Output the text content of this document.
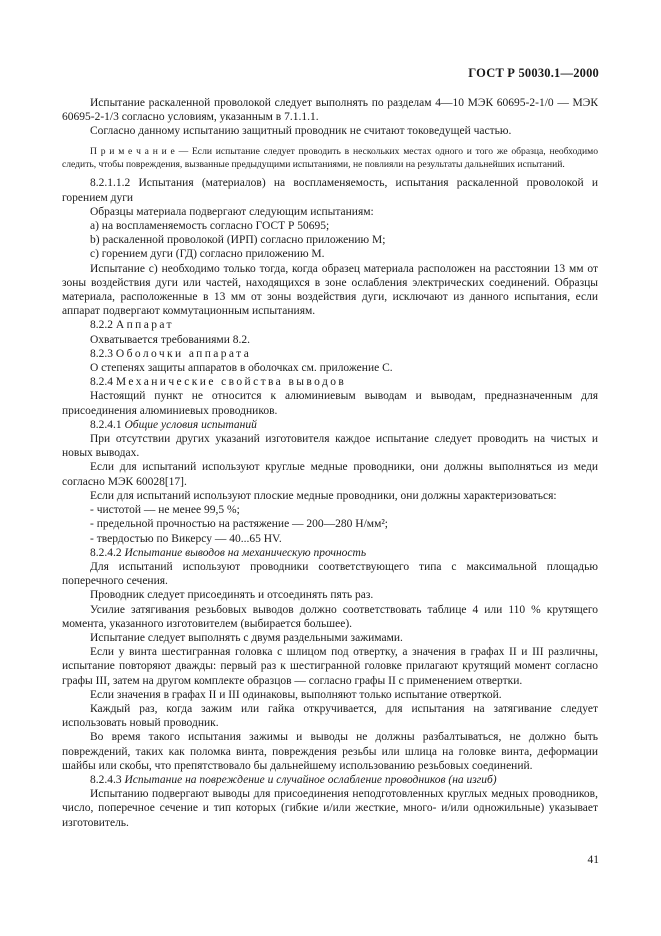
ГОСТ Р 50030.1—2000

Испытание раскаленной проволокой следует выполнять по разделам 4—10 МЭК 60695-2-1/0 — МЭК 60695-2-1/3 согласно условиям, указанным в 7.1.1.1.

Согласно данному испытанию защитный проводник не считают токоведущей частью.

П р и м е ч а н и е — Если испытание следует проводить в нескольких местах одного и того же образца, необходимо следить, чтобы повреждения, вызванные предыдущими испытаниями, не повлияли на результаты дальнейших испытаний.

8.2.1.1.2 Испытания (материалов) на воспламеняемость, испытания раскаленной проволокой и горением дуги

Образцы материала подвергают следующим испытаниям:

а) на воспламеняемость согласно ГОСТ Р 50695;

b) раскаленной проволокой (ИРП) согласно приложению М;

c) горением дуги (ГД) согласно приложению М.

Испытание с) необходимо только тогда, когда образец материала расположен на расстоянии 13 мм от зоны воздействия дуги или частей, находящихся в зоне ослабления электрических соединений. Образцы материала, расположенные в 13 мм от зоны воздействия дуги, исключают из данного испытания, если аппарат подвергают коммутационным испытаниям.

8.2.2 Аппарат

Охватывается требованиями 8.2.

8.2.3 Оболочки аппарата

О степенях защиты аппаратов в оболочках см. приложение С.

8.2.4 Механические свойства выводов

Настоящий пункт не относится к алюминиевым выводам и выводам, предназначенным для присоединения алюминиевых проводников.

8.2.4.1 Общие условия испытаний

При отсутствии других указаний изготовителя каждое испытание следует проводить на чистых и новых выводах.

Если для испытаний используют круглые медные проводники, они должны выполняться из меди согласно МЭК 60028[17].

Если для испытаний используют плоские медные проводники, они должны характеризоваться:

- чистотой — не менее 99,5 %;

- предельной прочностью на растяжение — 200—280 Н/мм²;

- твердостью по Викерсу — 40...65 HV.

8.2.4.2 Испытание выводов на механическую прочность

Для испытаний используют проводники соответствующего типа с максимальной площадью поперечного сечения.

Проводник следует присоединять и отсоединять пять раз.

Усилие затягивания резьбовых выводов должно соответствовать таблице 4 или 110 % крутящего момента, указанного изготовителем (выбирается большее).

Испытание следует выполнять с двумя раздельными зажимами.

Если у винта шестигранная головка с шлицом под отвертку, а значения в графах II и III различны, испытание повторяют дважды: первый раз к шестигранной головке прилагают крутящий момент согласно графы III, затем на другом комплекте образцов — согласно графы II с применением отвертки.

Если значения в графах II и III одинаковы, выполняют только испытание отверткой.

Каждый раз, когда зажим или гайка откручивается, для испытания на затягивание следует использовать новый проводник.

Во время такого испытания зажимы и выводы не должны разбалтываться, не должно быть повреждений, таких как поломка винта, повреждения резьбы или шлица на головке винта, деформации шайбы или скобы, что препятствовало бы дальнейшему использованию резьбовых соединений.

8.2.4.3 Испытание на повреждение и случайное ослабление проводников (на изгиб)

Испытанию подвергают выводы для присоединения неподготовленных круглых медных проводников, число, поперечное сечение и тип которых (гибкие и/или жесткие, много- и/или одножильные) указывает изготовитель.

41
